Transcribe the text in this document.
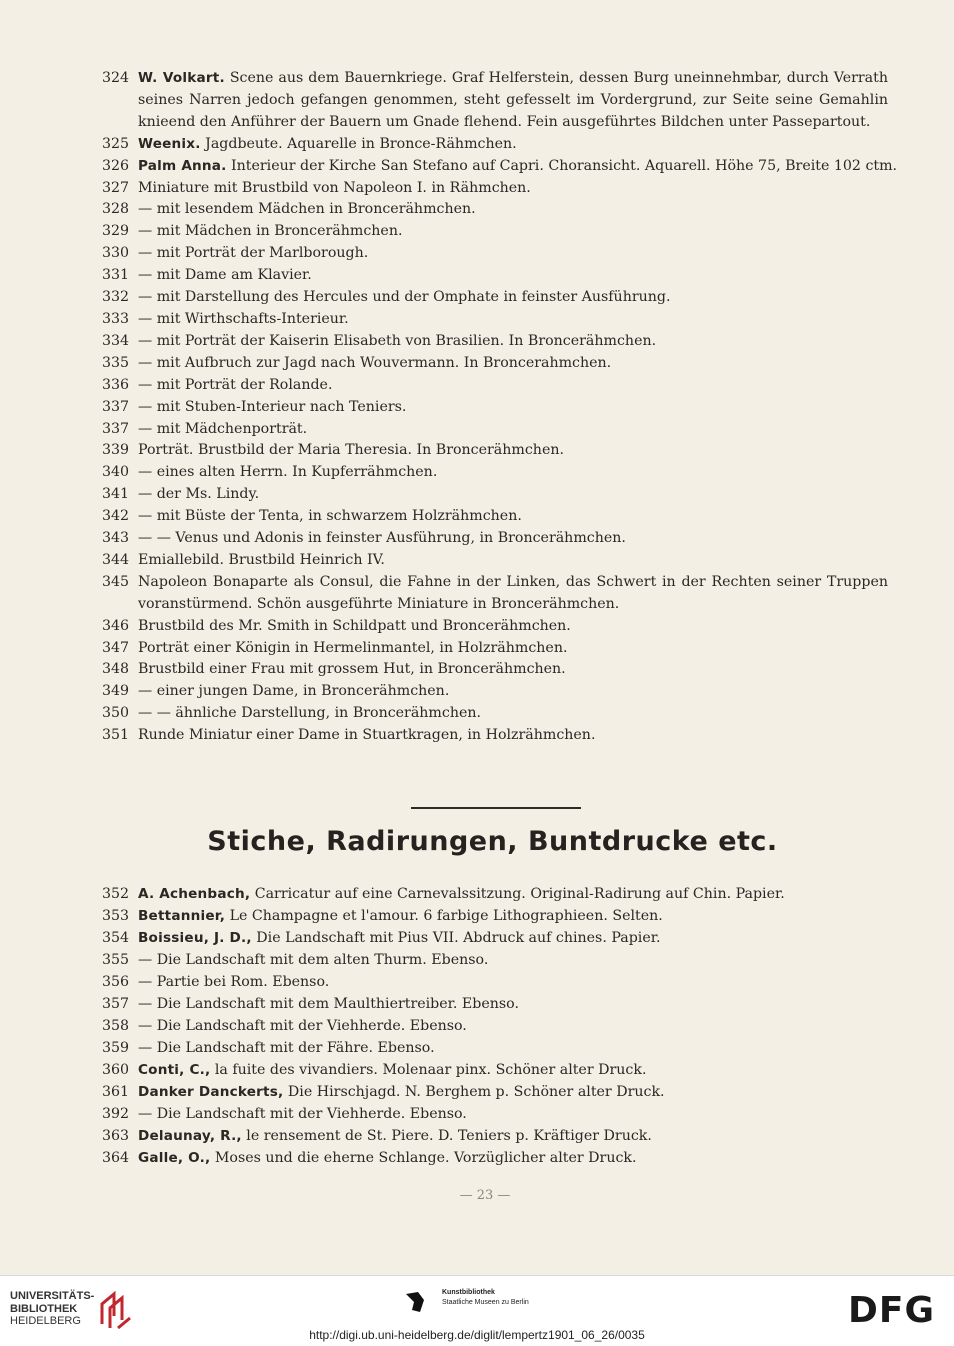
324 W. Volkart. Scene aus dem Bauernkriege. Graf Helferstein, dessen Burg uneinnehmbar, durch Verrath seines Narren jedoch gefangen genommen, steht gefesselt im Vordergrund, zur Seite seine Gemahlin knieend den Anführer der Bauern um Gnade flehend. Fein ausgeführtes Bildchen unter Passepartout.
325 Weenix. Jagdbeute. Aquarelle in Bronce-Rähmchen.
326 Palm Anna. Interieur der Kirche San Stefano auf Capri. Choransicht. Aquarell. Höhe 75, Breite 102 ctm.
327 Miniature mit Brustbild von Napoleon I. in Rähmchen.
328 — mit lesendem Mädchen in Broncerähmchen.
329 — mit Mädchen in Broncerähmchen.
330 — mit Porträt der Marlborough.
331 — mit Dame am Klavier.
332 — mit Darstellung des Hercules und der Omphate in feinster Ausführung.
333 — mit Wirthschafts-Interieur.
334 — mit Porträt der Kaiserin Elisabeth von Brasilien. In Broncerähmchen.
335 — mit Aufbruch zur Jagd nach Wouvermann. In Broncerahmchen.
336 — mit Porträt der Rolande.
337 — mit Stuben-Interieur nach Teniers.
337 — mit Mädchenporträt.
339 Porträt. Brustbild der Maria Theresia. In Broncerähmchen.
340 — eines alten Herrn. In Kupferrähmchen.
341 — der Ms. Lindy.
342 — mit Büste der Tenta, in schwarzem Holzrähmchen.
343 — — Venus und Adonis in feinster Ausführung, in Broncerähmchen.
344 Emiallebild. Brustbild Heinrich IV.
345 Napoleon Bonaparte als Consul, die Fahne in der Linken, das Schwert in der Rechten seiner Truppen voranstürmend. Schön ausgeführte Miniature in Broncerähmchen.
346 Brustbild des Mr. Smith in Schildpatt und Broncerähmchen.
347 Porträt einer Königin in Hermelinmantel, in Holzrähmchen.
348 Brustbild einer Frau mit grossem Hut, in Broncerähmchen.
349 — einer jungen Dame, in Broncerähmchen.
350 — — ähnliche Darstellung, in Broncerähmchen.
351 Runde Miniatur einer Dame in Stuartkragen, in Holzrähmchen.
Stiche, Radirungen, Buntdrucke etc.
352 A. Achenbach, Carricatur auf eine Carnevalssitzung. Original-Radirung auf Chin. Papier.
353 Bettannier, Le Champagne et l'amour. 6 farbige Lithographieen. Selten.
354 Boissieu, J. D., Die Landschaft mit Pius VII. Abdruck auf chines. Papier.
355 — Die Landschaft mit dem alten Thurm. Ebenso.
356 — Partie bei Rom. Ebenso.
357 — Die Landschaft mit dem Maulthiertreiber. Ebenso.
358 — Die Landschaft mit der Viehherde. Ebenso.
359 — Die Landschaft mit der Fähre. Ebenso.
360 Conti, C., la fuite des vivandiers. Molenaar pinx. Schöner alter Druck.
361 Danker Danckerts, Die Hirschjagd. N. Berghem p. Schöner alter Druck.
392 — Die Landschaft mit der Viehherde. Ebenso.
363 Delaunay, R., le rensement de St. Piere. D. Teniers p. Kräftiger Druck.
364 Galle, O., Moses und die eherne Schlange. Vorzüglicher alter Druck.
— 23 —
UNIVERSITÄTS-
BIBLIOTHEK
HEIDELBERG
Kunstbibliothek
Staatliche Museen zu Berlin	DFG
http://digi.ub.uni-heidelberg.de/diglit/lempertz1901_06_26/0035
